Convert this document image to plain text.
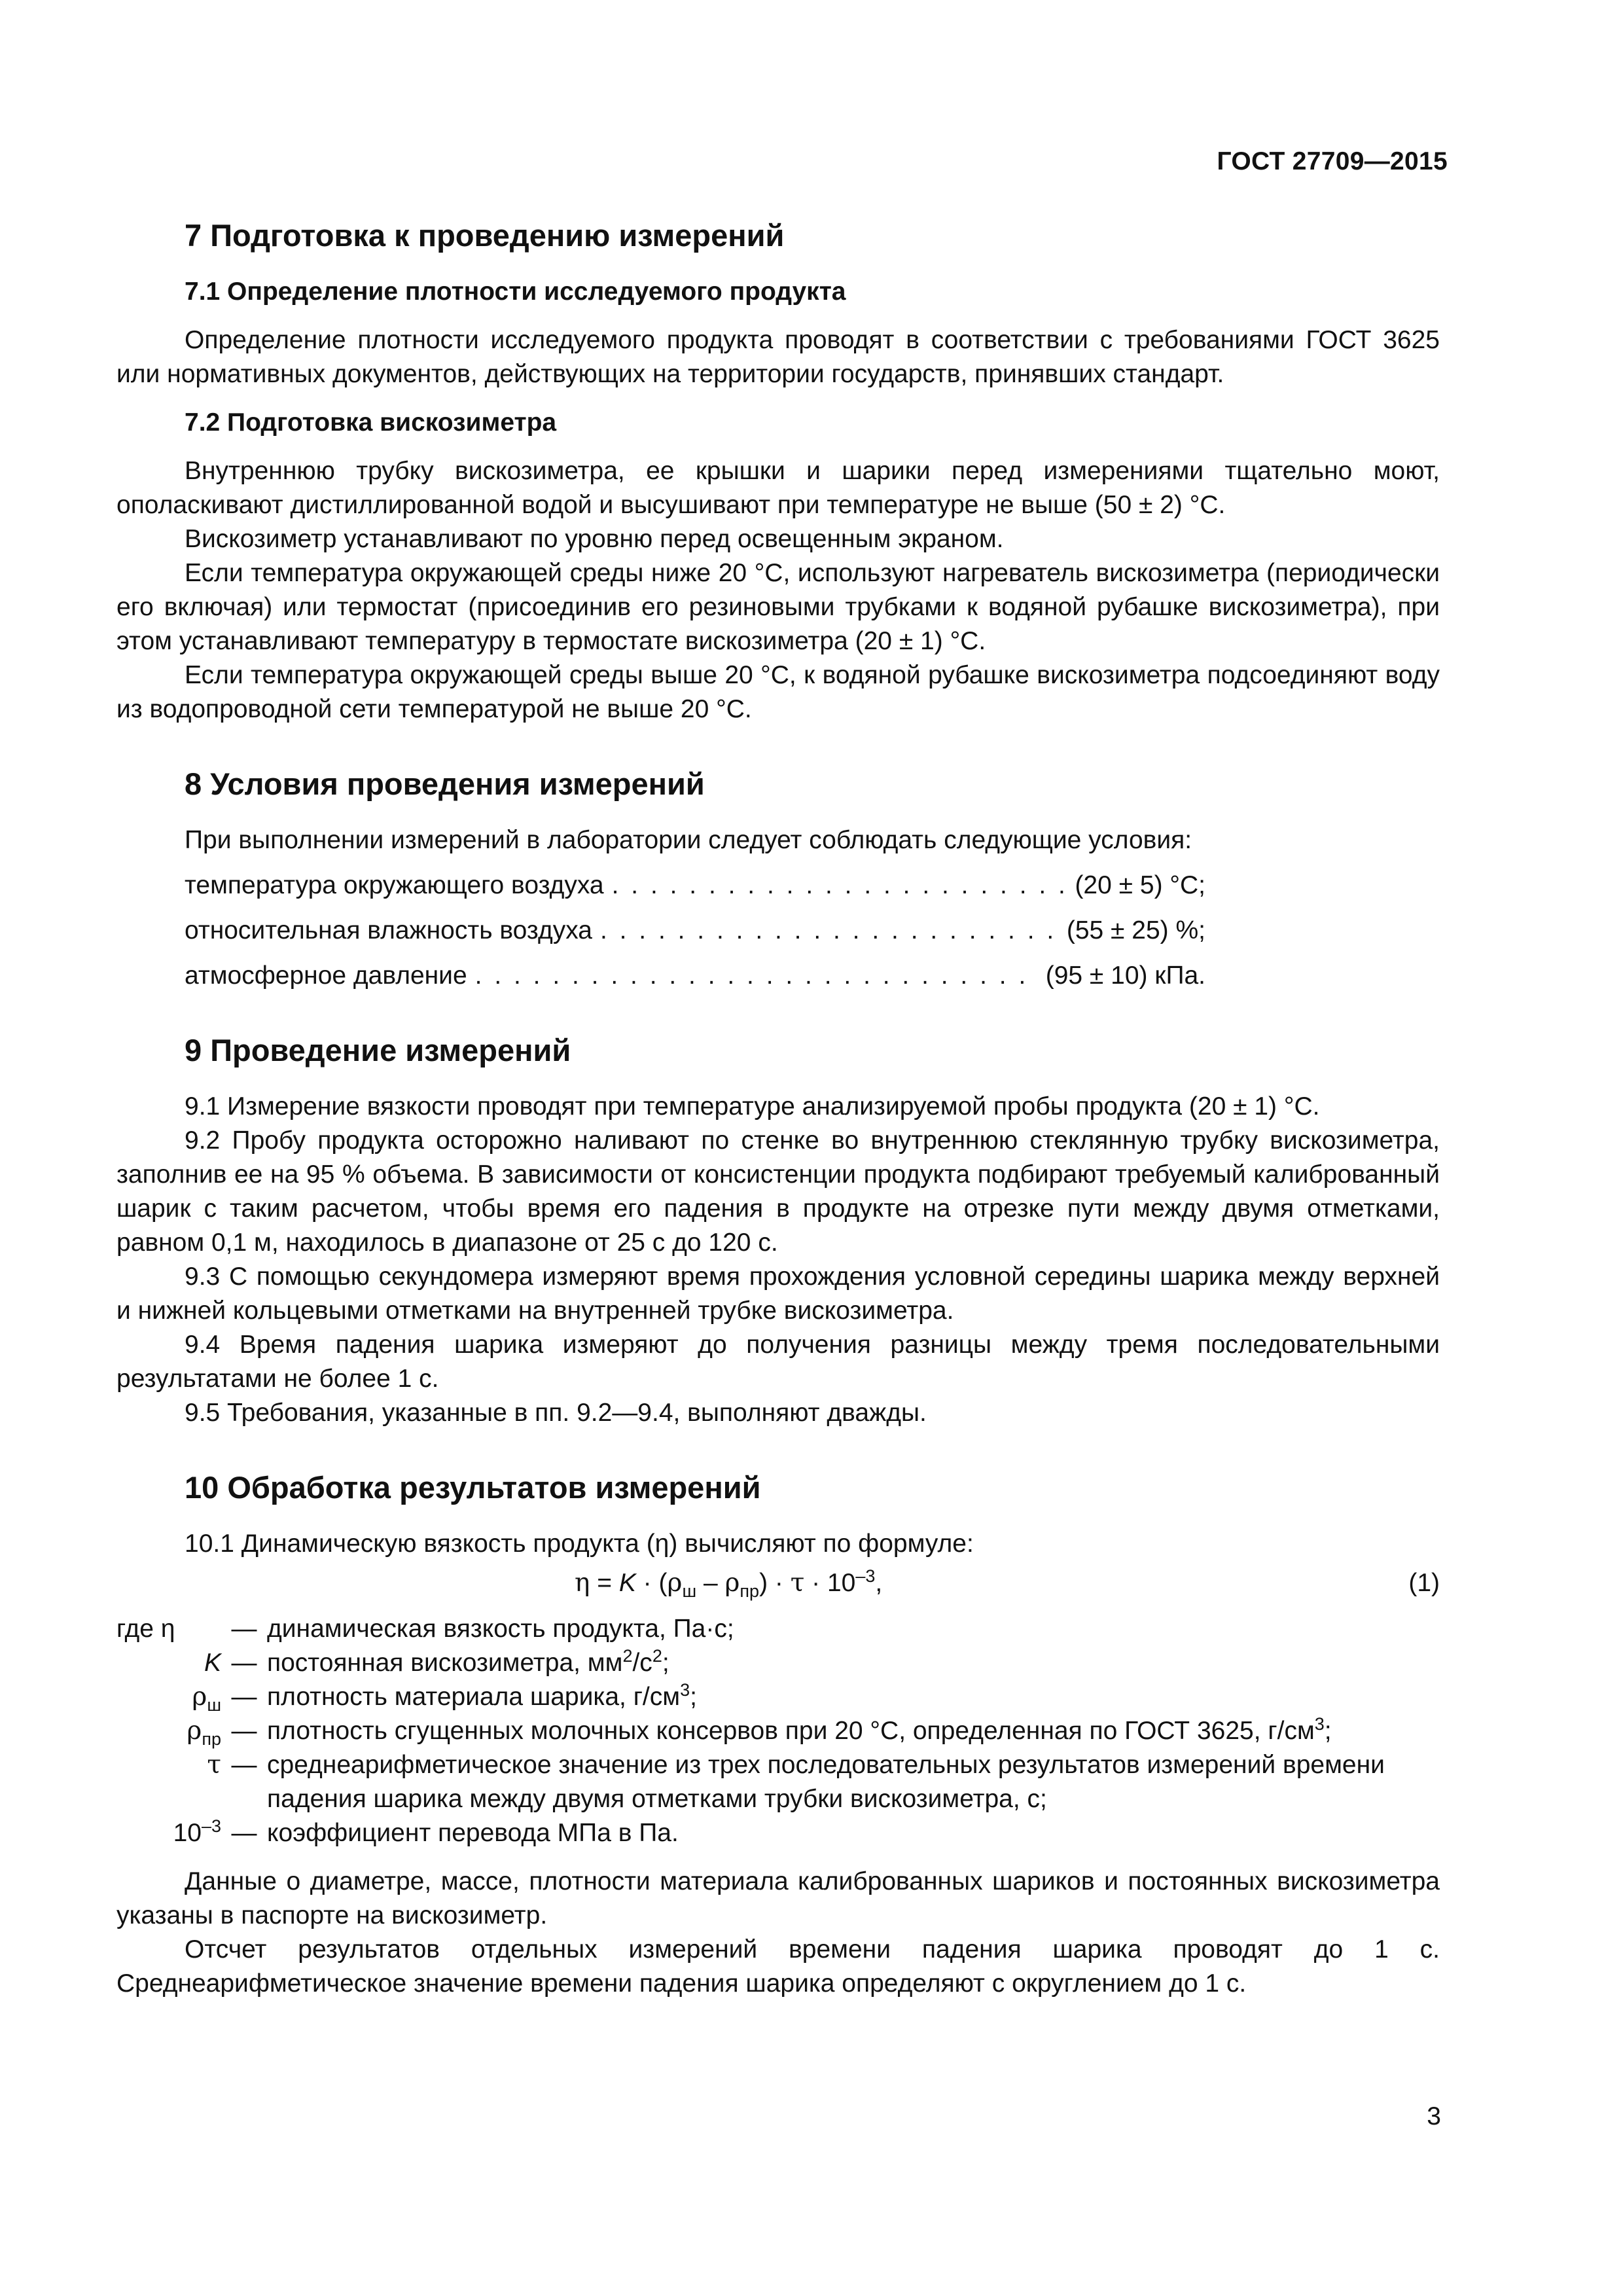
ГОСТ 27709—2015
7 Подготовка к проведению измерений
7.1 Определение плотности исследуемого продукта

Определение плотности исследуемого продукта проводят в соответствии с требованиями ГОСТ 3625 или нормативных документов, действующих на территории государств, принявших стандарт.

7.2 Подготовка вискозиметра

Внутреннюю трубку вискозиметра, ее крышки и шарики перед измерениями тщательно моют, ополаскивают дистиллированной водой и высушивают при температуре не выше (50 ± 2) °С.

Вискозиметр устанавливают по уровню перед освещенным экраном.

Если температура окружающей среды ниже 20 °С, используют нагреватель вискозиметра (периодически его включая) или термостат (присоединив его резиновыми трубками к водяной рубашке вискозиметра), при этом устанавливают температуру в термостате вискозиметра (20 ± 1) °С.

Если температура окружающей среды выше 20 °С, к водяной рубашке вискозиметра подсоединяют воду из водопроводной сети температурой не выше 20 °С.

8 Условия проведения измерений
При выполнении измерений в лаборатории следует соблюдать следующие условия:
температура окружающего воздуха . . .	(20 ± 5) °С;
относительная влажность воздуха . . .	(55 ± 25) %;
атмосферное давление . . .	(95 ± 10) кПа.
9 Проведение измерений

9.1 Измерение вязкости проводят при температуре анализируемой пробы продукта (20 ± 1) °С.

9.2 Пробу продукта осторожно наливают по стенке во внутреннюю стеклянную трубку вискозиметра, заполнив ее на 95 % объема. В зависимости от консистенции продукта подбирают требуемый калиброванный шарик с таким расчетом, чтобы время его падения в продукте на отрезке пути между двумя отметками, равном 0,1 м, находилось в диапазоне от 25 с до 120 с.

9.3 С помощью секундомера измеряют время прохождения условной середины шарика между верхней и нижней кольцевыми отметками на внутренней трубке вискозиметра.

9.4 Время падения шарика измеряют до получения разницы между тремя последовательными результатами не более 1 с.

9.5 Требования, указанные в пп. 9.2—9.4, выполняют дважды.

10 Обработка результатов измерений

10.1 Динамическую вязкость продукта (η) вычисляют по формуле:

$\eta = K \cdot (\rho_ш - \rho_{пр}) \cdot \tau \cdot 10^{-3}$,	(1)
где η	— динамическая вязкость продукта, Па·с;
K — постоянная вискозиметра, $мм^2/с^2$;
$\rho_ш$ — плотность материала шарика, $г/см^3$;
$\rho_{пр}$ — плотность сгущенных молочных консервов при 20 °С, определенная по ГОСТ 3625, $г/см^3$;
τ — среднеарифметическое значение из трех последовательных результатов измерений времени падения шарика между двумя отметками трубки вискозиметра, с;
$10^{-3}$ — коэффициент перевода МПа в Па.

Данные о диаметре, массе, плотности материала калиброванных шариков и постоянных вискозиметра указаны в паспорте на вискозиметр.

Отсчет результатов отдельных измерений времени падения шарика проводят до 1 с. Среднеарифметическое значение времени падения шарика определяют с округлением до 1 с.

3
